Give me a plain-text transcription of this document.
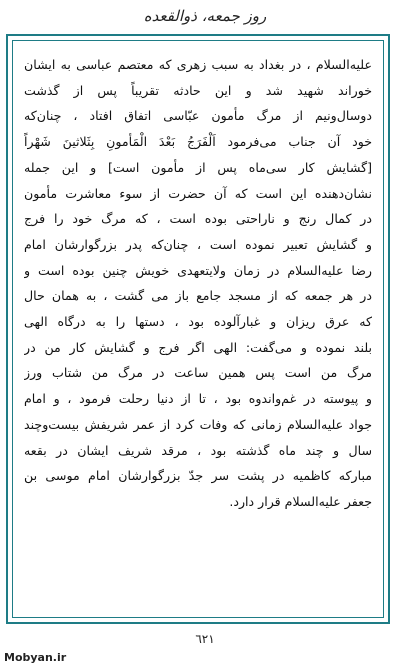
روز جمعه، ذوالقعده
عليه‌السلام ، در بغداد به سبب زهری كه معتصم عباسی به ايشان
خوراند شهيد شد و اين حادثه تقريباً پس از گذشت
دوسال‌ونيم از مرگ مأمون عبّاسی اتفاق افتاد ، چنان‌كه
خود آن جناب می‌فرمود اَلْفَرَجُ بَعْدَ الْمَأمونِ بِثَلاثينَ شَهْراً
[گشايش كار سی‌ماه پس از مأمون است] و اين جمله
نشان‌دهنده اين است كه آن حضرت از سوء معاشرت مأمون
در كمال رنج و ناراحتی بوده است ، كه مرگ خود را فرج
و گشايش تعبير نموده است ، چنان‌كه پدر بزرگوارشان امام
رضا عليه‌السلام در زمان ولايتعهدی خويش چنين بوده است و
در هر جمعه كه از مسجد جامع باز می گشت ، به همان حال
كه عرق ريزان و غبارآلوده بود ، دستها را به درگاه الهی
بلند نموده و می‌گفت: الهی اگر فرج و گشايش كار من در
مرگ من است پس همين ساعت در مرگ من شتاب ورز
و پيوسته در غم‌واندوه بود ، تا از دنيا رحلت فرمود ، و امام
جواد عليه‌السلام زمانی كه وفات كرد از عمر شريفش بيست‌وچند
سال و چند ماه گذشته بود ، مرقد شريف ايشان در بقعه
مباركه كاظميه در پشت سر جدّ بزرگوارشان امام موسی بن
جعفر عليه‌السلام قرار دارد.
٦٢١
Mobyan.ir
